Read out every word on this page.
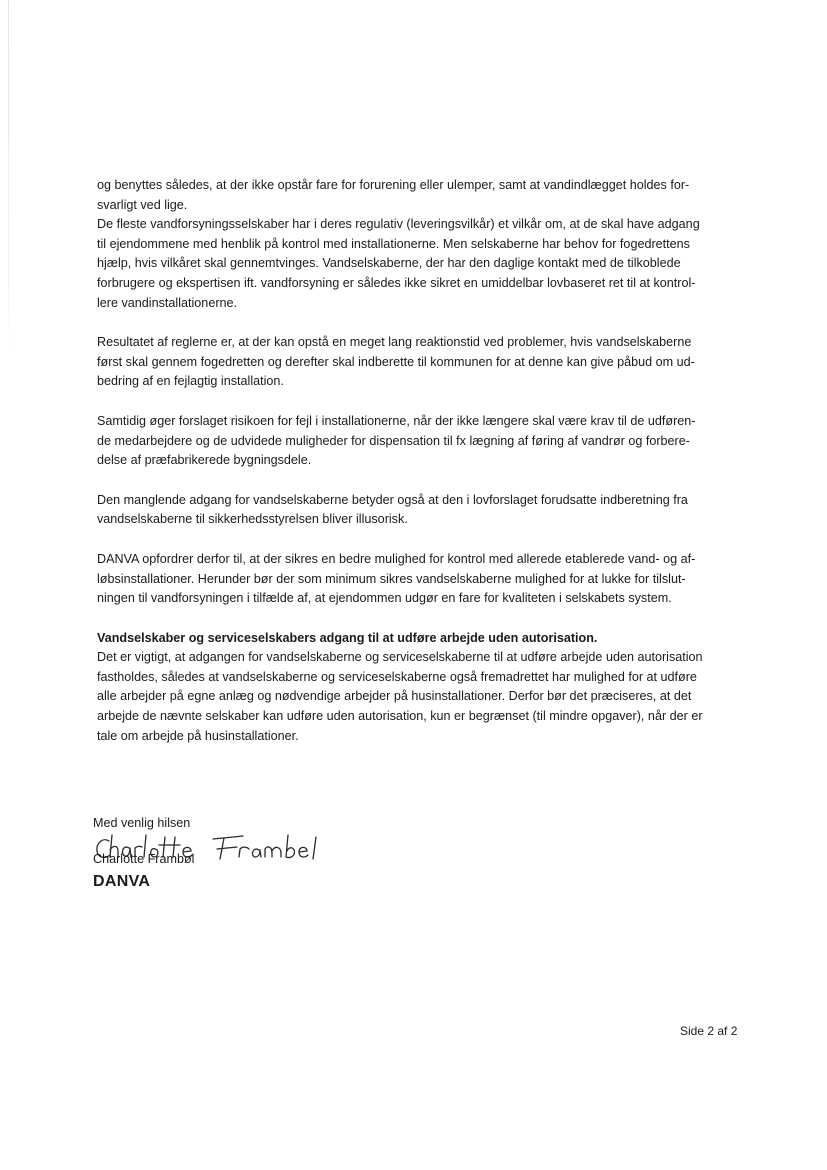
og benyttes således, at der ikke opstår fare for forurening eller ulemper, samt at vandindlægget holdes for-
svarligt ved lige.
De fleste vandforsyningsselskaber har i deres regulativ (leveringsvilkår) et vilkår om, at de skal have adgang
til ejendommene med henblik på kontrol med installationerne. Men selskaberne har behov for fogedrettens
hjælp, hvis vilkåret skal gennemtvinges. Vandselskaberne, der har den daglige kontakt med de tilkoblede
forbrugere og ekspertisen ift. vandforsyning er således ikke sikret en umiddelbar lovbaseret ret til at kontrol-
lere vandinstallationerne.

Resultatet af reglerne er, at der kan opstå en meget lang reaktionstid ved problemer, hvis vandselskaberne
først skal gennem fogedretten og derefter skal indberette til kommunen for at denne kan give påbud om ud-
bedring af en fejlagtig installation.

Samtidig øger forslaget risikoen for fejl i installationerne, når der ikke længere skal være krav til de udføren-
de medarbejdere og de udvidede muligheder for dispensation til fx lægning af føring af vandrør og forbere-
delse af præfabrikerede bygningsdele.

Den manglende adgang for vandselskaberne betyder også at den i lovforslaget forudsatte indberetning fra
vandselskaberne til sikkerhedsstyrelsen bliver illusorisk.

DANVA opfordrer derfor til, at der sikres en bedre mulighed for kontrol med allerede etablerede vand- og af-
løbsinstallationer. Herunder bør der som minimum sikres vandselskaberne mulighed for at lukke for tilslut-
ningen til vandforsyningen i tilfælde af, at ejendommen udgør en fare for kvaliteten i selskabets system.

Vandselskaber og serviceselskabers adgang til at udføre arbejde uden autorisation.
Det er vigtigt, at adgangen for vandselskaberne og serviceselskaberne til at udføre arbejde uden autorisation
fastholdes, således at vandselskaberne og serviceselskaberne også fremadrettet har mulighed for at udføre
alle arbejder på egne anlæg og nødvendige arbejder på husinstallationer. Derfor bør det præciseres, at det
arbejde de nævnte selskaber kan udføre uden autorisation, kun er begrænset (til mindre opgaver), når der er
tale om arbejde på husinstallationer.
Med venlig hilsen
Charlotte Frambøl
DANVA
Side 2 af 2
